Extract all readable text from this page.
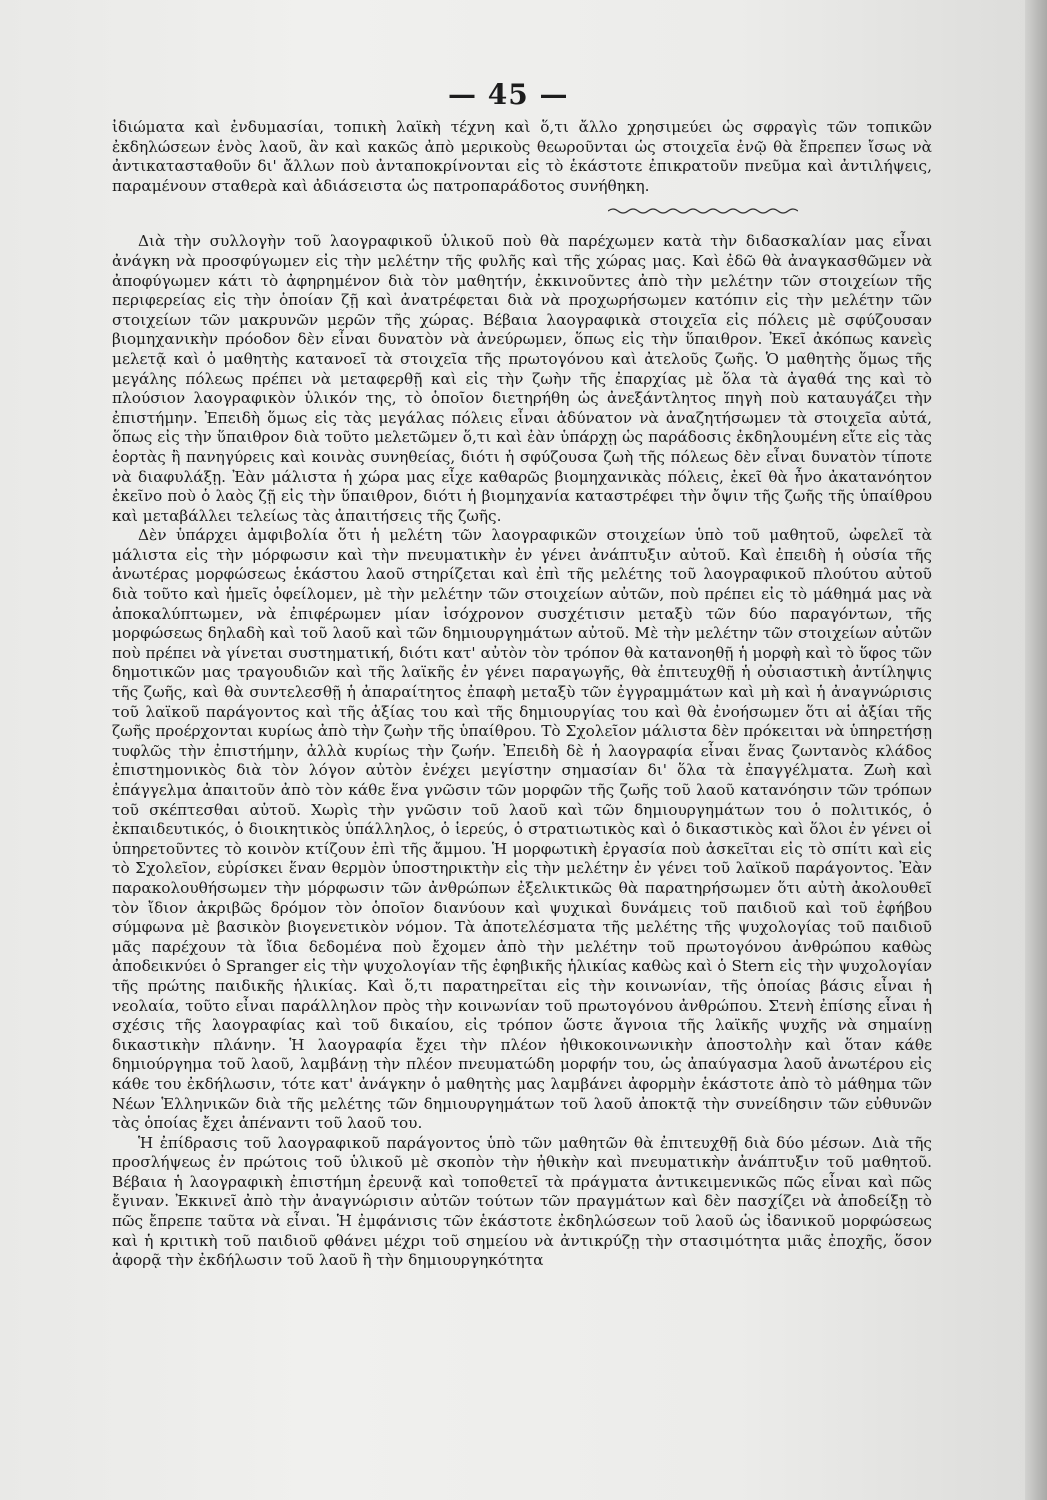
— 45 —

ἰδιώματα καὶ ἐνδυμασίαι, τοπικὴ λαϊκὴ τέχνη καὶ ὅ,τι ἄλλο χρησιμεύει ὡς σφραγὶς τῶν τοπικῶν ἐκδηλώσεων ἑνὸς λαοῦ, ἂν καὶ κακῶς ἀπὸ μερικοὺς θεωροῦνται ὡς στοιχεῖα ἐνῷ θὰ ἔπρεπεν ἴσως νὰ ἀντικατασταθοῦν δι' ἄλλων ποὺ ἀνταποκρίνονται εἰς τὸ ἑκάστοτε ἐπικρατοῦν πνεῦμα καὶ ἀντιλήψεις, παραμένουν σταθερὰ καὶ ἀδιάσειστα ὡς πατροπαράδοτος συνήθηκη.

Διὰ τὴν συλλογὴν τοῦ λαογραφικοῦ ὑλικοῦ ποὺ θὰ παρέχωμεν κατὰ τὴν διδασκαλίαν μας εἶναι ἀνάγκη νὰ προσφύγωμεν εἰς τὴν μελέτην τῆς φυλῆς καὶ τῆς χώρας μας. Καὶ ἐδῶ θὰ ἀναγκασθῶμεν νὰ ἀποφύγωμεν κάτι τὸ ἀφηρημένον διὰ τὸν μαθητήν, ἐκκινοῦντες ἀπὸ τὴν μελέτην τῶν στοιχείων τῆς περιφερείας εἰς τὴν ὁποίαν ζῇ καὶ ἀνατρέφεται διὰ νὰ προχωρήσωμεν κατόπιν εἰς τὴν μελέτην τῶν στοιχείων τῶν μακρυνῶν μερῶν τῆς χώρας. Βέβαια λαογραφικὰ στοιχεῖα εἰς πόλεις μὲ σφύζουσαν βιομηχανικὴν πρόοδον δὲν εἶναι δυνατὸν νὰ ἀνεύρωμεν, ὅπως εἰς τὴν ὕπαιθρον. Ἐκεῖ ἀκόπως κανεὶς μελετᾷ καὶ ὁ μαθητὴς κατανοεῖ τὰ στοιχεῖα τῆς πρωτογόνου καὶ ἀτελοῦς ζωῆς. Ὁ μαθητὴς ὅμως τῆς μεγάλης πόλεως πρέπει νὰ μεταφερθῇ καὶ εἰς τὴν ζωὴν τῆς ἐπαρχίας μὲ ὅλα τὰ ἀγαθά της καὶ τὸ πλούσιον λαογραφικὸν ὑλικόν της, τὸ ὁποῖον διετηρήθη ὡς ἀνεξάντλητος πηγὴ ποὺ καταυγάζει τὴν ἐπιστήμην. Ἐπειδὴ ὅμως εἰς τὰς μεγάλας πόλεις εἶναι ἀδύνατον νὰ ἀναζητήσωμεν τὰ στοιχεῖα αὐτά, ὅπως εἰς τὴν ὕπαιθρον διὰ τοῦτο μελετῶμεν ὅ,τι καὶ ἐὰν ὑπάρχῃ ὡς παράδοσις ἐκδηλουμένη εἴτε εἰς τὰς ἑορτὰς ἢ πανηγύρεις καὶ κοινὰς συνηθείας, διότι ἡ σφύζουσα ζωὴ τῆς πόλεως δὲν εἶναι δυνατὸν τίποτε νὰ διαφυλάξῃ. Ἐὰν μάλιστα ἡ χώρα μας εἶχε καθαρῶς βιομηχανικὰς πόλεις, ἐκεῖ θὰ ἦνο ἀκατανόητον ἐκεῖνο ποὺ ὁ λαὸς ζῇ εἰς τὴν ὕπαιθρον, διότι ἡ βιομηχανία καταστρέφει τὴν ὄψιν τῆς ζωῆς τῆς ὑπαίθρου καὶ μεταβάλλει τελείως τὰς ἀπαιτήσεις τῆς ζωῆς.

Δὲν ὑπάρχει ἀμφιβολία ὅτι ἡ μελέτη τῶν λαογραφικῶν στοιχείων ὑπὸ τοῦ μαθητοῦ, ὠφελεῖ τὰ μάλιστα εἰς τὴν μόρφωσιν καὶ τὴν πνευματικὴν ἐν γένει ἀνάπτυξιν αὐτοῦ. Καὶ ἐπειδὴ ἡ οὐσία τῆς ἀνωτέρας μορφώσεως ἑκάστου λαοῦ στηρίζεται καὶ ἐπὶ τῆς μελέτης τοῦ λαογραφικοῦ πλούτου αὐτοῦ διὰ τοῦτο καὶ ἡμεῖς ὀφείλομεν, μὲ τὴν μελέτην τῶν στοιχείων αὐτῶν, ποὺ πρέπει εἰς τὸ μάθημά μας νὰ ἀποκαλύπτωμεν, νὰ ἐπιφέρωμεν μίαν ἰσόχρονον συσχέτισιν μεταξὺ τῶν δύο παραγόντων, τῆς μορφώσεως δηλαδὴ καὶ τοῦ λαοῦ καὶ τῶν δημιουργημάτων αὐτοῦ. Μὲ τὴν μελέτην τῶν στοιχείων αὐτῶν ποὺ πρέπει νὰ γίνεται συστηματική, διότι κατ' αὐτὸν τὸν τρόπον θὰ κατανοηθῇ ἡ μορφὴ καὶ τὸ ὕφος τῶν δημοτικῶν μας τραγουδιῶν καὶ τῆς λαϊκῆς ἐν γένει παραγωγῆς, θὰ ἐπιτευχθῇ ἡ οὐσιαστικὴ ἀντίληψις τῆς ζωῆς, καὶ θὰ συντελεσθῇ ἡ ἀπαραίτητος ἐπαφὴ μεταξὺ τῶν ἐγγραμμάτων καὶ μὴ καὶ ἡ ἀναγνώρισις τοῦ λαϊκοῦ παράγοντος καὶ τῆς ἀξίας του καὶ τῆς δημιουργίας του καὶ θὰ ἐνοήσωμεν ὅτι αἱ ἀξίαι τῆς ζωῆς προέρχονται κυρίως ἀπὸ τὴν ζωὴν τῆς ὑπαίθρου. Τὸ Σχολεῖον μάλιστα δὲν πρόκειται νὰ ὑπηρετήσῃ τυφλῶς τὴν ἐπιστήμην, ἀλλὰ κυρίως τὴν ζωήν. Ἐπειδὴ δὲ ἡ λαογραφία εἶναι ἕνας ζωντανὸς κλάδος ἐπιστημονικὸς διὰ τὸν λόγον αὐτὸν ἐνέχει μεγίστην σημασίαν δι' ὅλα τὰ ἐπαγγέλματα. Ζωὴ καὶ ἐπάγγελμα ἀπαιτοῦν ἀπὸ τὸν κάθε ἕνα γνῶσιν τῶν μορφῶν τῆς ζωῆς τοῦ λαοῦ κατανόησιν τῶν τρόπων τοῦ σκέπτεσθαι αὐτοῦ. Χωρὶς τὴν γνῶσιν τοῦ λαοῦ καὶ τῶν δημιουργημάτων του ὁ πολιτικός, ὁ ἐκπαιδευτικός, ὁ διοικητικὸς ὑπάλληλος, ὁ ἱερεύς, ὁ στρατιωτικὸς καὶ ὁ δικαστικὸς καὶ ὅλοι ἐν γένει οἱ ὑπηρετοῦντες τὸ κοινὸν κτίζουν ἐπὶ τῆς ἄμμου. Ἡ μορφωτικὴ ἐργασία ποὺ ἀσκεῖται εἰς τὸ σπίτι καὶ εἰς τὸ Σχολεῖον, εὑρίσκει ἕναν θερμὸν ὑποστηρικτὴν εἰς τὴν μελέτην ἐν γένει τοῦ λαϊκοῦ παράγοντος. Ἐὰν παρακολουθήσωμεν τὴν μόρφωσιν τῶν ἀνθρώπων ἐξελικτικῶς θὰ παρατηρήσωμεν ὅτι αὐτὴ ἀκολουθεῖ τὸν ἴδιον ἀκριβῶς δρόμον τὸν ὁποῖον διανύουν καὶ ψυχικαὶ δυνάμεις τοῦ παιδιοῦ καὶ τοῦ ἐφήβου σύμφωνα μὲ βασικὸν βιογενετικὸν νόμον. Τὰ ἀποτελέσματα τῆς μελέτης τῆς ψυχολογίας τοῦ παιδιοῦ μᾶς παρέχουν τὰ ἴδια δεδομένα ποὺ ἔχομεν ἀπὸ τὴν μελέτην τοῦ πρωτογόνου ἀνθρώπου καθὼς ἀποδεικνύει ὁ Spranger εἰς τὴν ψυχολογίαν τῆς ἐφηβικῆς ἡλικίας καθὼς καὶ ὁ Stern εἰς τὴν ψυχολογίαν τῆς πρώτης παιδικῆς ἡλικίας. Καὶ ὅ,τι παρατηρεῖται εἰς τὴν κοινωνίαν, τῆς ὁποίας βάσις εἶναι ἡ νεολαία, τοῦτο εἶναι παράλληλον πρὸς τὴν κοινωνίαν τοῦ πρωτογόνου ἀνθρώπου. Στενὴ ἐπίσης εἶναι ἡ σχέσις τῆς λαογραφίας καὶ τοῦ δικαίου, εἰς τρόπον ὥστε ἄγνοια τῆς λαϊκῆς ψυχῆς νὰ σημαίνῃ δικαστικὴν πλάνην. Ἡ λαογραφία ἔχει τὴν πλέον ἠθικοκοινωνικὴν ἀποστολὴν καὶ ὅταν κάθε δημιούργημα τοῦ λαοῦ, λαμβάνῃ τὴν πλέον πνευματώδη μορφήν του, ὡς ἀπαύγασμα λαοῦ ἀνωτέρου εἰς κάθε του ἐκδήλωσιν, τότε κατ' ἀνάγκην ὁ μαθητὴς μας λαμβάνει ἀφορμὴν ἑκάστοτε ἀπὸ τὸ μάθημα τῶν Νέων Ἑλληνικῶν διὰ τῆς μελέτης τῶν δημιουργημάτων τοῦ λαοῦ ἀποκτᾷ τὴν συνείδησιν τῶν εὐθυνῶν τὰς ὁποίας ἔχει ἀπέναντι τοῦ λαοῦ του.

Ἡ ἐπίδρασις τοῦ λαογραφικοῦ παράγοντος ὑπὸ τῶν μαθητῶν θὰ ἐπιτευχθῇ διὰ δύο μέσων. Διὰ τῆς προσλήψεως ἐν πρώτοις τοῦ ὑλικοῦ μὲ σκοπὸν τὴν ἠθικὴν καὶ πνευματικὴν ἀνάπτυξιν τοῦ μαθητοῦ. Βέβαια ἡ λαογραφικὴ ἐπιστήμη ἐρευνᾷ καὶ τοποθετεῖ τὰ πράγματα ἀντικειμενικῶς πῶς εἶναι καὶ πῶς ἔγιναν. Ἐκκινεῖ ἀπὸ τὴν ἀναγνώρισιν αὐτῶν τούτων τῶν πραγμάτων καὶ δὲν πασχίζει νὰ ἀποδείξῃ τὸ πῶς ἔπρεπε ταῦτα νὰ εἶναι. Ἡ ἐμφάνισις τῶν ἑκάστοτε ἐκδηλώσεων τοῦ λαοῦ ὡς ἰδανικοῦ μορφώσεως καὶ ἡ κριτικὴ τοῦ παιδιοῦ φθάνει μέχρι τοῦ σημείου νὰ ἀντικρύζῃ τὴν στασιμότητα μιᾶς ἐποχῆς, ὅσον ἀφορᾷ τὴν ἐκδήλωσιν τοῦ λαοῦ ἢ τὴν δημιουργηκότητα
